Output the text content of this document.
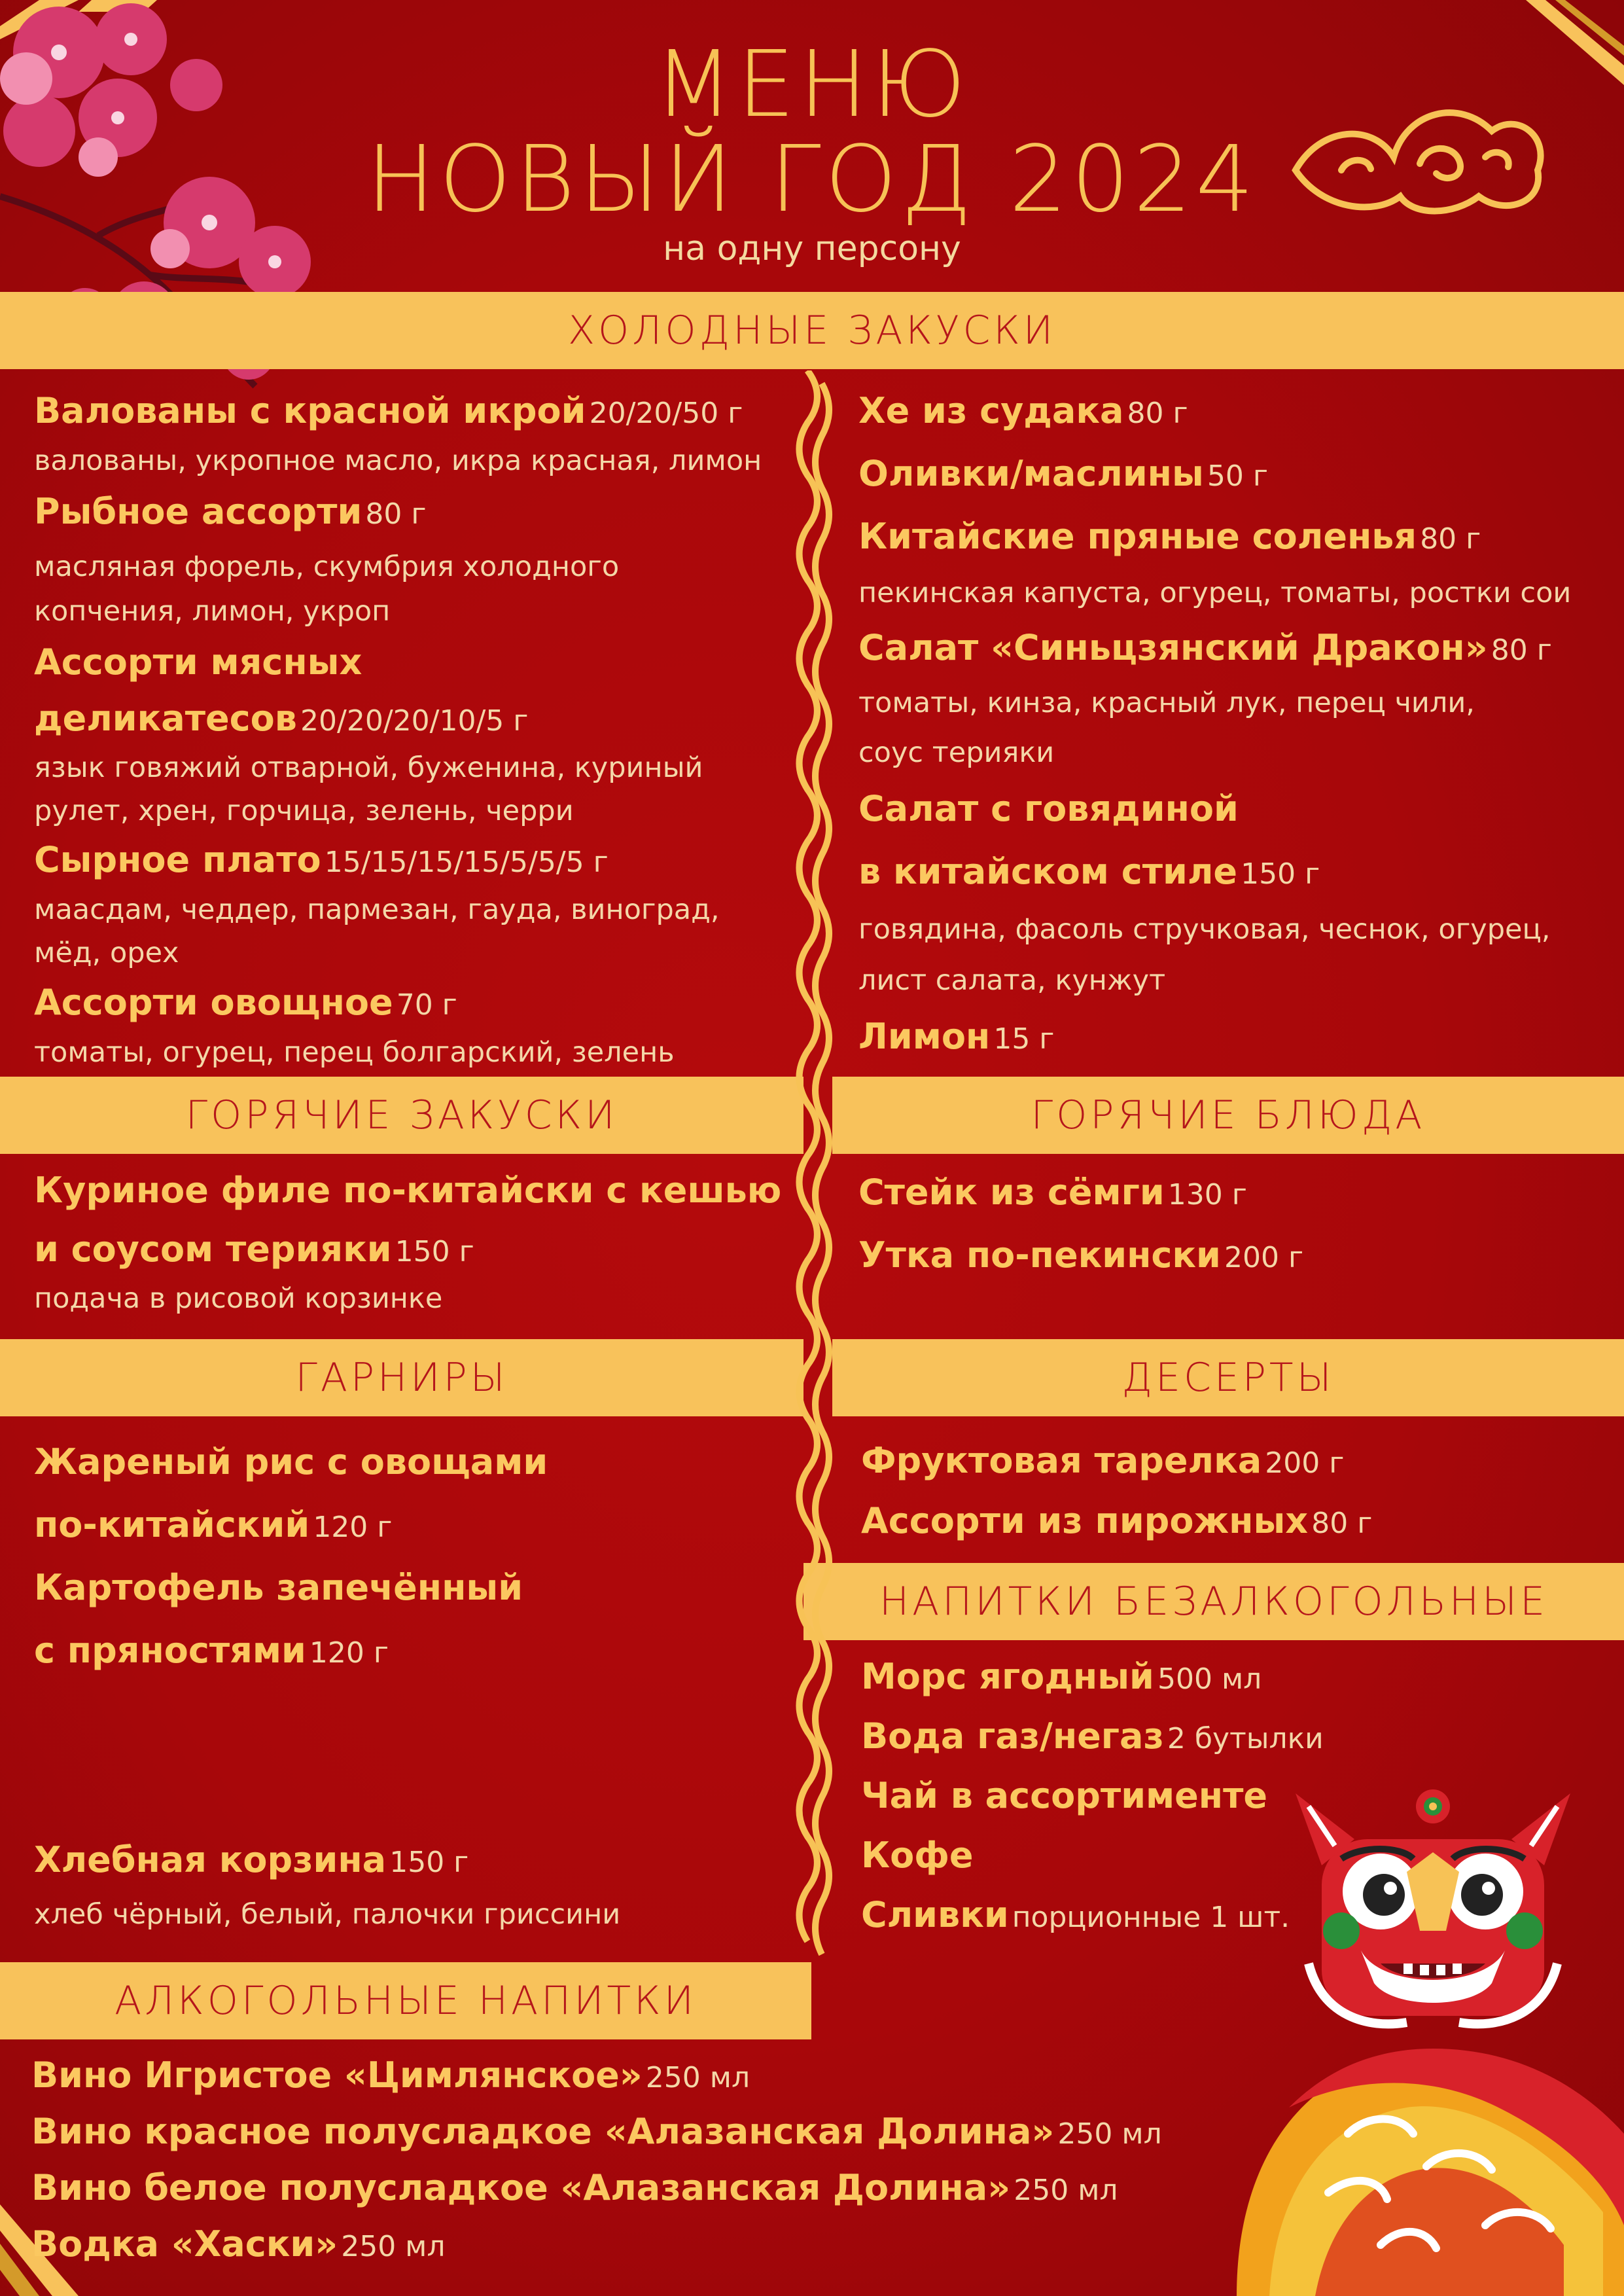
МЕНЮ
НОВЫЙ ГОД 2024
на одну персону
ХОЛОДНЫЕ ЗАКУСКИ
ГОРЯЧИЕ ЗАКУСКИ	ГОРЯЧИЕ БЛЮДА
ГАРНИРЫ	ДЕСЕРТЫ
НАПИТКИ БЕЗАЛКОГОЛЬНЫЕ
АЛКОГОЛЬНЫЕ НАПИТКИ
Валованы с красной икрой 20/20/50 г
валованы, укропное масло, икра красная, лимон
Рыбное ассорти 80 г
масляная форель, скумбрия холодного
копчения, лимон, укроп
Ассорти мясных
деликатесов 20/20/20/10/5 г
язык говяжий отварной, буженина, куриный
рулет, хрен, горчица, зелень, черри
Сырное плато 15/15/15/15/5/5/5 г
маасдам, чеддер, пармезан, гауда, виноград,
мёд, орех
Ассорти овощное 70 г
томаты, огурец, перец болгарский, зелень
Хе из судака 80 г
Оливки/маслины 50 г
Китайские пряные соленья 80 г
пекинская капуста, огурец, томаты, ростки сои
Салат «Синьцзянский Дракон» 80 г
томаты, кинза, красный лук, перец чили,
соус терияки
Салат с говядиной
в китайском стиле 150 г
говядина, фасоль стручковая, чеснок, огурец,
лист салата, кунжут
Лимон 15 г
Куриное филе по-китайски с кешью
и соусом терияки 150 г
подача в рисовой корзинке
Стейк из сёмги 130 г
Утка по-пекински 200 г
Жареный рис с овощами
по-китайский 120 г
Картофель запечённый
с пряностями 120 г
Хлебная корзина 150 г
хлеб чёрный, белый, палочки гриссини
Фруктовая тарелка 200 г
Ассорти из пирожных 80 г
Морс ягодный 500 мл
Вода газ/негаз 2 бутылки
Чай в ассортименте
Кофе
Сливки порционные 1 шт.
Вино Игристое «Цимлянское» 250 мл
Вино красное полусладкое «Алазанская Долина» 250 мл
Вино белое полусладкое «Алазанская Долина» 250 мл
Водка «Хаски» 250 мл
